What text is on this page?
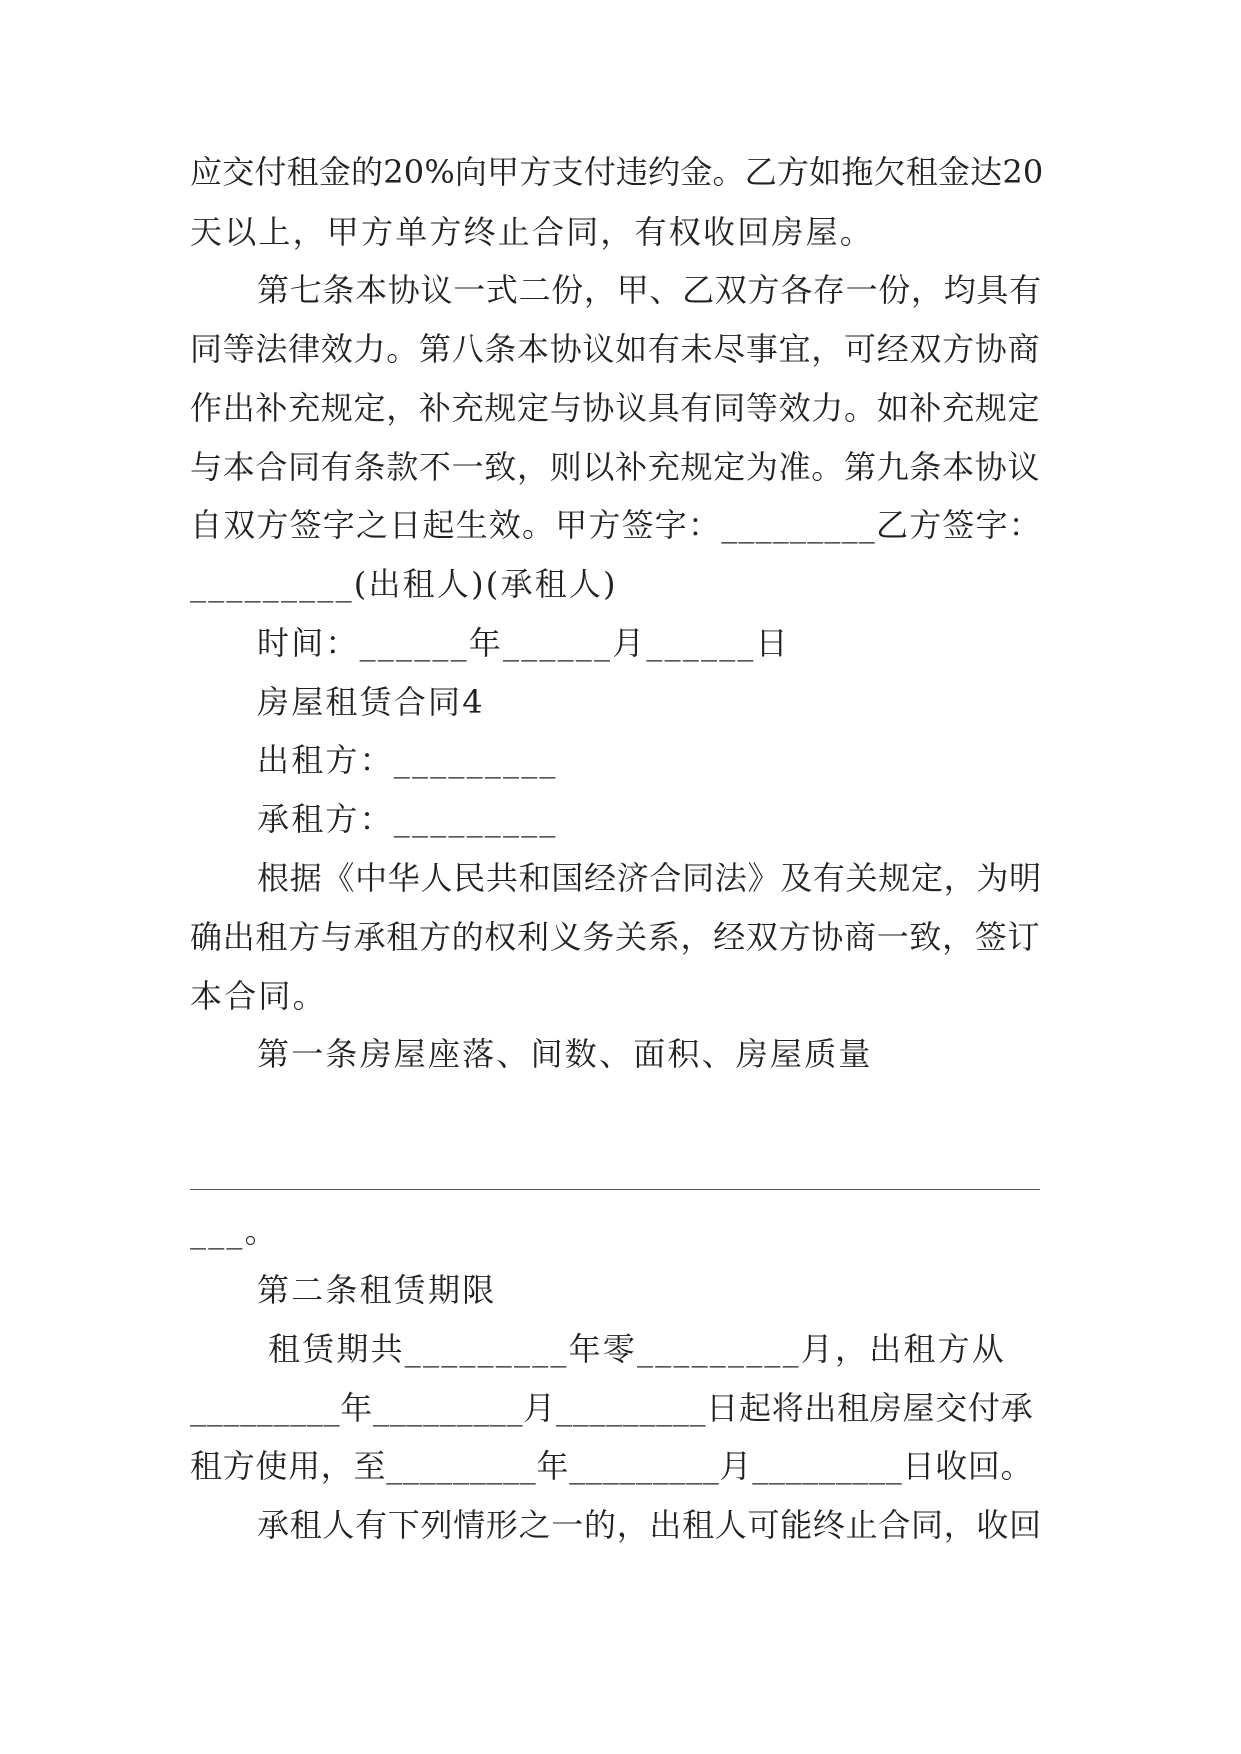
应交付租金的20%向甲方支付违约金。乙方如拖欠租金达20
天以上，甲方单方终止合同，有权收回房屋。
第七条本协议一式二份，甲、乙双方各存一份，均具有
同等法律效力。第八条本协议如有未尽事宜，可经双方协商
作出补充规定，补充规定与协议具有同等效力。如补充规定
与本合同有条款不一致，则以补充规定为准。第九条本协议
自双方签字之日起生效。甲方签字：_________乙方签字：
_________(出租人)(承租人)
时间：______年______月______日
房屋租赁合同4
出租方：_________
承租方：_________
根据《中华人民共和国经济合同法》及有关规定，为明
确出租方与承租方的权利义务关系，经双方协商一致，签订
本合同。
第一条房屋座落、间数、面积、房屋质量
___。
第二条租赁期限
租赁期共_________年零_________月，出租方从
_________年_________月_________日起将出租房屋交付承
租方使用，至_________年_________月_________日收回。
承租人有下列情形之一的，出租人可能终止合同，收回
